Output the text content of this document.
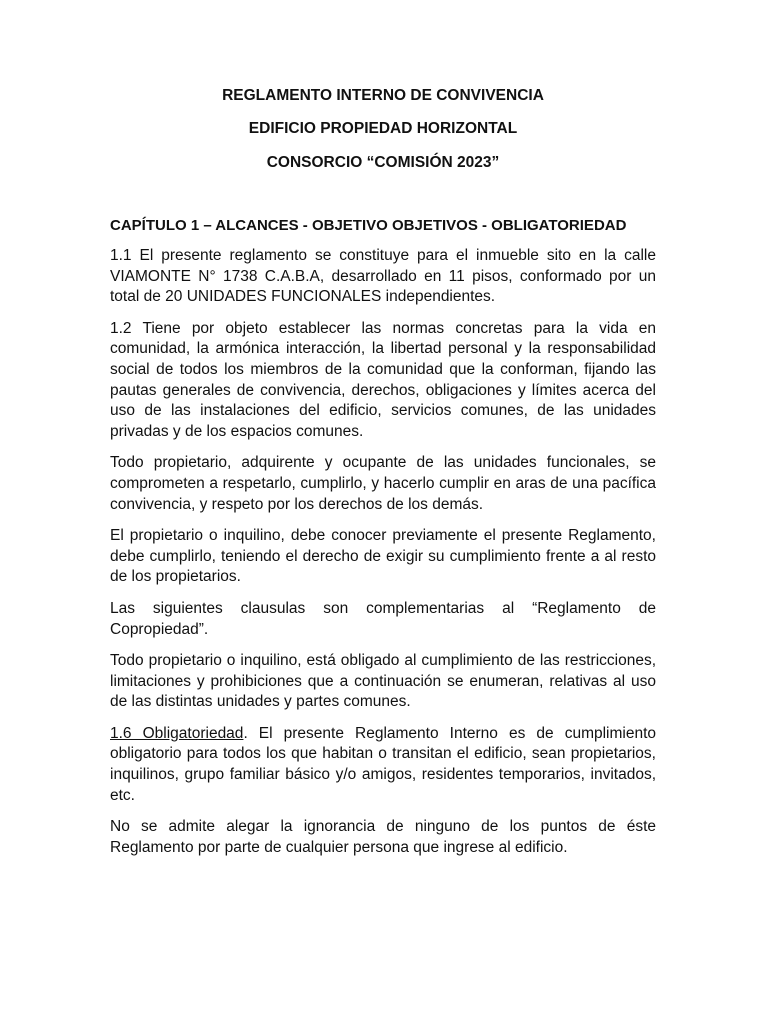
REGLAMENTO INTERNO DE CONVIVENCIA
EDIFICIO PROPIEDAD HORIZONTAL
CONSORCIO “COMISIÓN 2023”
CAPÍTULO 1 – ALCANCES - OBJETIVO OBJETIVOS - OBLIGATORIEDAD

1.1 El presente reglamento se constituye para el inmueble sito en la calle VIAMONTE N° 1738 C.A.B.A, desarrollado en 11 pisos, conformado por un total de 20 UNIDADES FUNCIONALES independientes.

1.2 Tiene por objeto establecer las normas concretas para la vida en comunidad, la armónica interacción, la libertad personal y la responsabilidad social de todos los miembros de la comunidad que la conforman, fijando las pautas generales de convivencia, derechos, obligaciones y límites acerca del uso de las instalaciones del edificio, servicios comunes, de las unidades privadas y de los espacios comunes.

Todo propietario, adquirente y ocupante de las unidades funcionales, se comprometen a respetarlo, cumplirlo, y hacerlo cumplir en aras de una pacífica convivencia, y respeto por los derechos de los demás.

El propietario o inquilino, debe conocer previamente el presente Reglamento, debe cumplirlo, teniendo el derecho de exigir su cumplimiento frente a al resto de los propietarios.

Las siguientes clausulas son complementarias al “Reglamento de Copropiedad”.

Todo propietario o inquilino, está obligado al cumplimiento de las restricciones, limitaciones y prohibiciones que a continuación se enumeran, relativas al uso de las distintas unidades y partes comunes.

1.6 Obligatoriedad. El presente Reglamento Interno es de cumplimiento obligatorio para todos los que habitan o transitan el edificio, sean propietarios, inquilinos, grupo familiar básico y/o amigos, residentes temporarios, invitados, etc.

No se admite alegar la ignorancia de ninguno de los puntos de éste Reglamento por parte de cualquier persona que ingrese al edificio.
